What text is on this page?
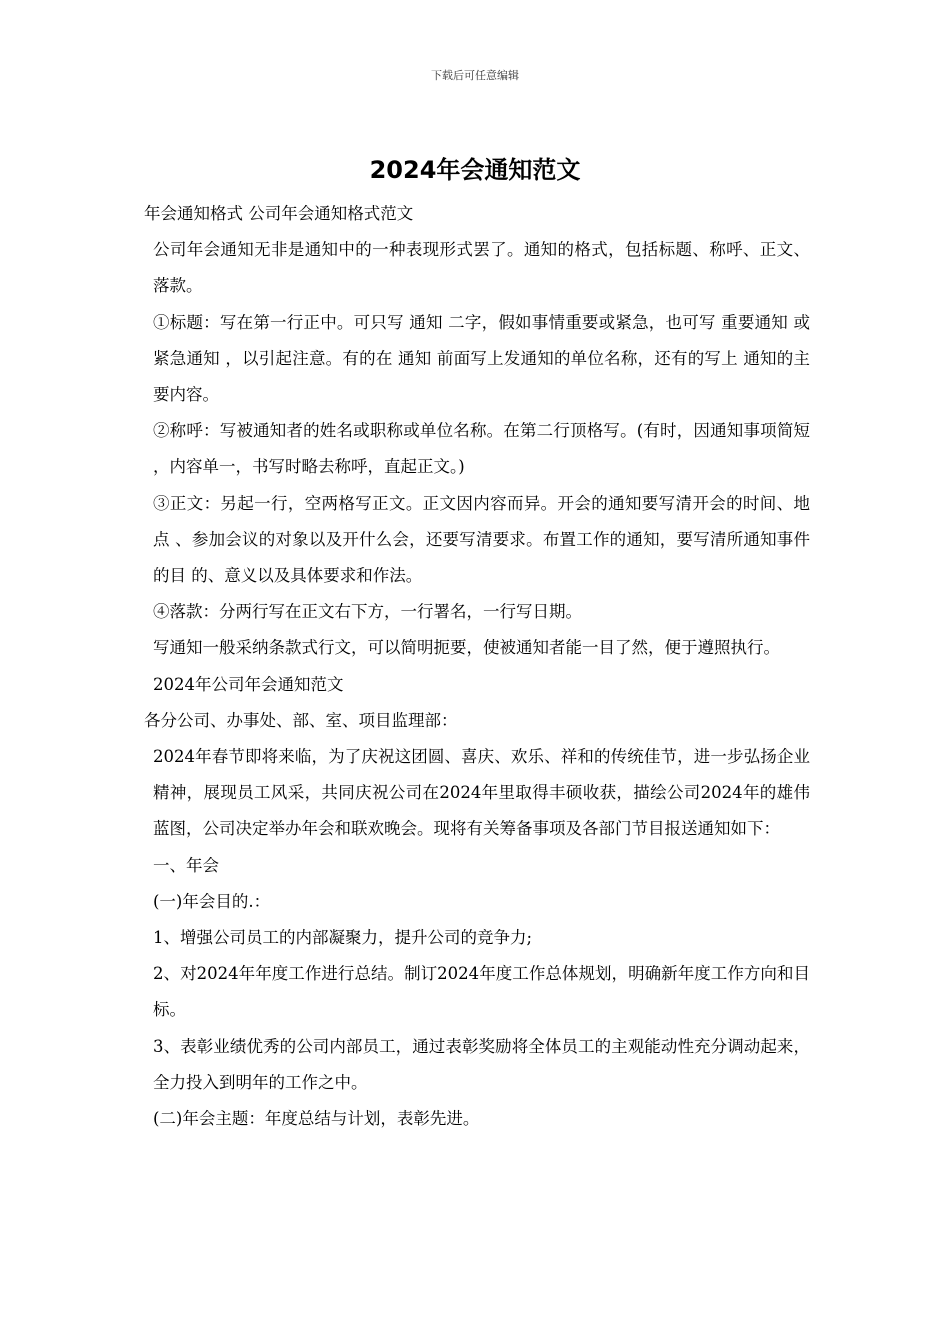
下载后可任意编辑
2024年会通知范文

年会通知格式 公司年会通知格式范文

公司年会通知无非是通知中的一种表现形式罢了。通知的格式，包括标题、称呼、正文、落款。

①标题：写在第一行正中。可只写 通知 二字，假如事情重要或紧急，也可写 重要通知 或 紧急通知 ，以引起注意。有的在 通知 前面写上发通知的单位名称，还有的写上 通知的主要内容。

②称呼：写被通知者的姓名或职称或单位名称。在第二行顶格写。(有时，因通知事项简短 ，内容单一，书写时略去称呼，直起正文。)

③正文：另起一行，空两格写正文。正文因内容而异。开会的通知要写清开会的时间、地点 、参加会议的对象以及开什么会，还要写清要求。布置工作的通知，要写清所通知事件的目 的、意义以及具体要求和作法。

④落款：分两行写在正文右下方，一行署名，一行写日期。

写通知一般采纳条款式行文，可以简明扼要，使被通知者能一目了然，便于遵照执行。

2024年公司年会通知范文

各分公司、办事处、部、室、项目监理部：

2024年春节即将来临，为了庆祝这团圆、喜庆、欢乐、祥和的传统佳节，进一步弘扬企业精神，展现员工风采，共同庆祝公司在2024年里取得丰硕收获，描绘公司2024年的雄伟蓝图，公司决定举办年会和联欢晚会。现将有关筹备事项及各部门节目报送通知如下：

一、年会

(一)年会目的.：

1、增强公司员工的内部凝聚力，提升公司的竞争力;

2、对2024年年度工作进行总结。制订2024年度工作总体规划，明确新年度工作方向和目标。

3、表彰业绩优秀的公司内部员工，通过表彰奖励将全体员工的主观能动性充分调动起来，全力投入到明年的工作之中。

(二)年会主题：年度总结与计划，表彰先进。
